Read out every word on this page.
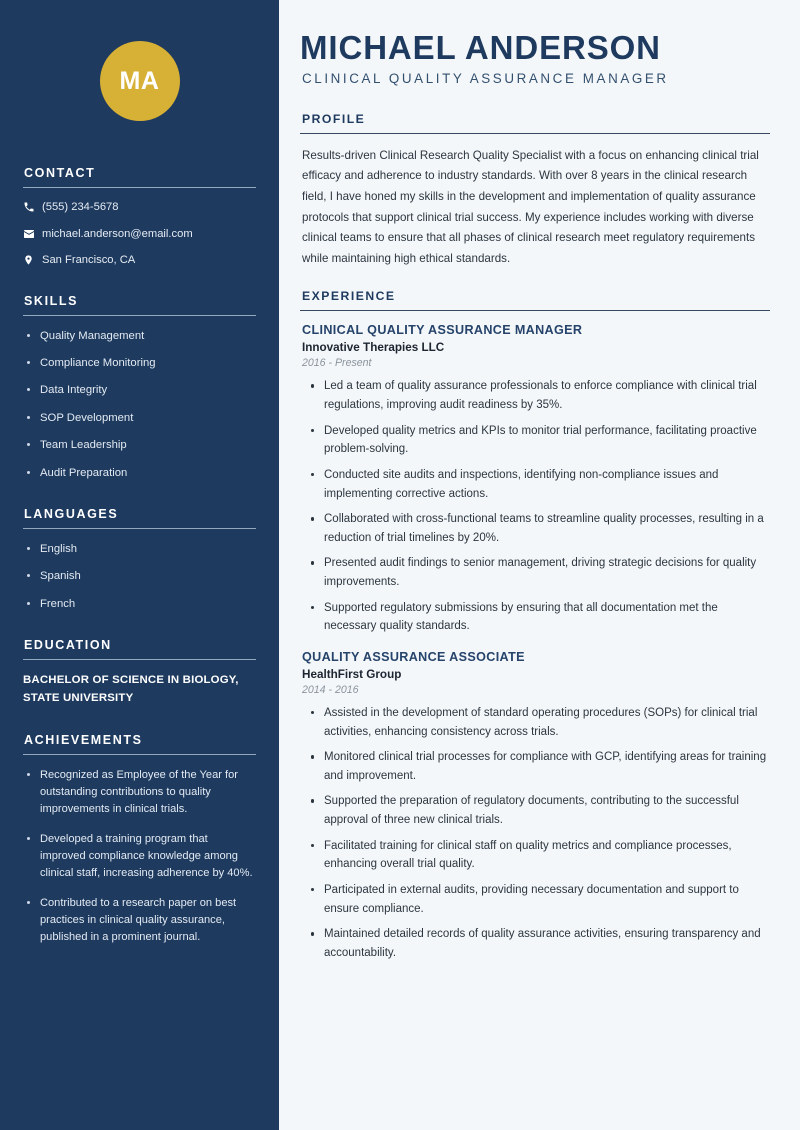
MA
CONTACT
(555) 234-5678
michael.anderson@email.com
San Francisco, CA
SKILLS
Quality Management
Compliance Monitoring
Data Integrity
SOP Development
Team Leadership
Audit Preparation
LANGUAGES
English
Spanish
French
EDUCATION
BACHELOR OF SCIENCE IN BIOLOGY, STATE UNIVERSITY
ACHIEVEMENTS
Recognized as Employee of the Year for outstanding contributions to quality improvements in clinical trials.
Developed a training program that improved compliance knowledge among clinical staff, increasing adherence by 40%.
Contributed to a research paper on best practices in clinical quality assurance, published in a prominent journal.
MICHAEL ANDERSON
CLINICAL QUALITY ASSURANCE MANAGER
PROFILE

Results-driven Clinical Research Quality Specialist with a focus on enhancing clinical trial efficacy and adherence to industry standards. With over 8 years in the clinical research field, I have honed my skills in the development and implementation of quality assurance protocols that support clinical trial success. My experience includes working with diverse clinical teams to ensure that all phases of clinical research meet regulatory requirements while maintaining high ethical standards.

EXPERIENCE
CLINICAL QUALITY ASSURANCE MANAGER
Innovative Therapies LLC
2016 - Present
Led a team of quality assurance professionals to enforce compliance with clinical trial regulations, improving audit readiness by 35%.
Developed quality metrics and KPIs to monitor trial performance, facilitating proactive problem-solving.
Conducted site audits and inspections, identifying non-compliance issues and implementing corrective actions.
Collaborated with cross-functional teams to streamline quality processes, resulting in a reduction of trial timelines by 20%.
Presented audit findings to senior management, driving strategic decisions for quality improvements.
Supported regulatory submissions by ensuring that all documentation met the necessary quality standards.
QUALITY ASSURANCE ASSOCIATE
HealthFirst Group
2014 - 2016
Assisted in the development of standard operating procedures (SOPs) for clinical trial activities, enhancing consistency across trials.
Monitored clinical trial processes for compliance with GCP, identifying areas for training and improvement.
Supported the preparation of regulatory documents, contributing to the successful approval of three new clinical trials.
Facilitated training for clinical staff on quality metrics and compliance processes, enhancing overall trial quality.
Participated in external audits, providing necessary documentation and support to ensure compliance.
Maintained detailed records of quality assurance activities, ensuring transparency and accountability.
